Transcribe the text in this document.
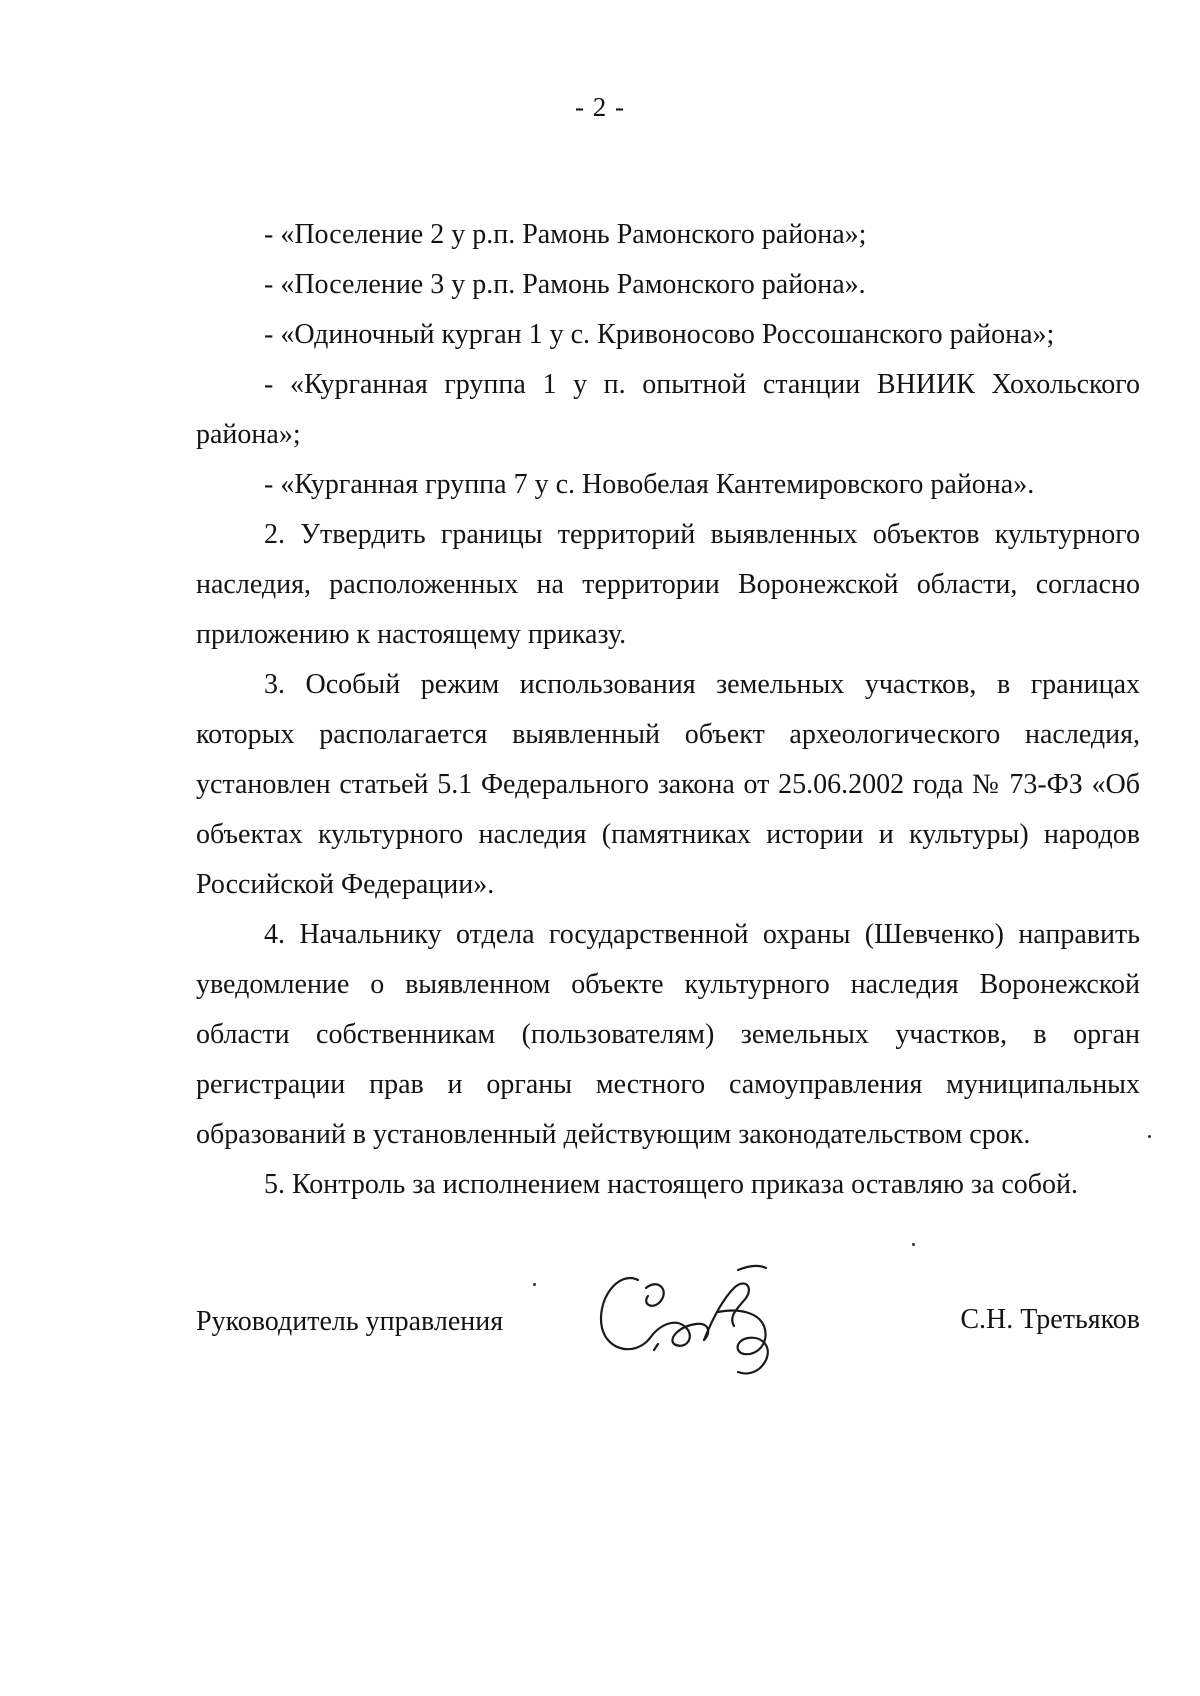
- 2 -

- «Поселение 2 у р.п. Рамонь Рамонского района»;

- «Поселение 3 у р.п. Рамонь Рамонского района».

- «Одиночный курган 1 у с. Кривоносово Россошанского района»;

- «Курганная группа 1 у п. опытной станции ВНИИК Хохольского района»;

- «Курганная группа 7 у с. Новобелая Кантемировского района».

2. Утвердить границы территорий выявленных объектов культурного наследия, расположенных на территории Воронежской области, согласно приложению к настоящему приказу.

3. Особый режим использования земельных участков, в границах которых располагается выявленный объект археологического наследия, установлен статьей 5.1 Федерального закона от 25.06.2002 года № 73-ФЗ «Об объектах культурного наследия (памятниках истории и культуры) народов Российской Федерации».

4. Начальнику отдела государственной охраны (Шевченко) направить уведомление о выявленном объекте культурного наследия Воронежской области собственникам (пользователям) земельных участков, в орган регистрации прав и органы местного самоуправления муниципальных образований в установленный действующим законодательством срок.

5. Контроль за исполнением настоящего приказа оставляю за собой.

Руководитель управления	С.Н. Третьяков
